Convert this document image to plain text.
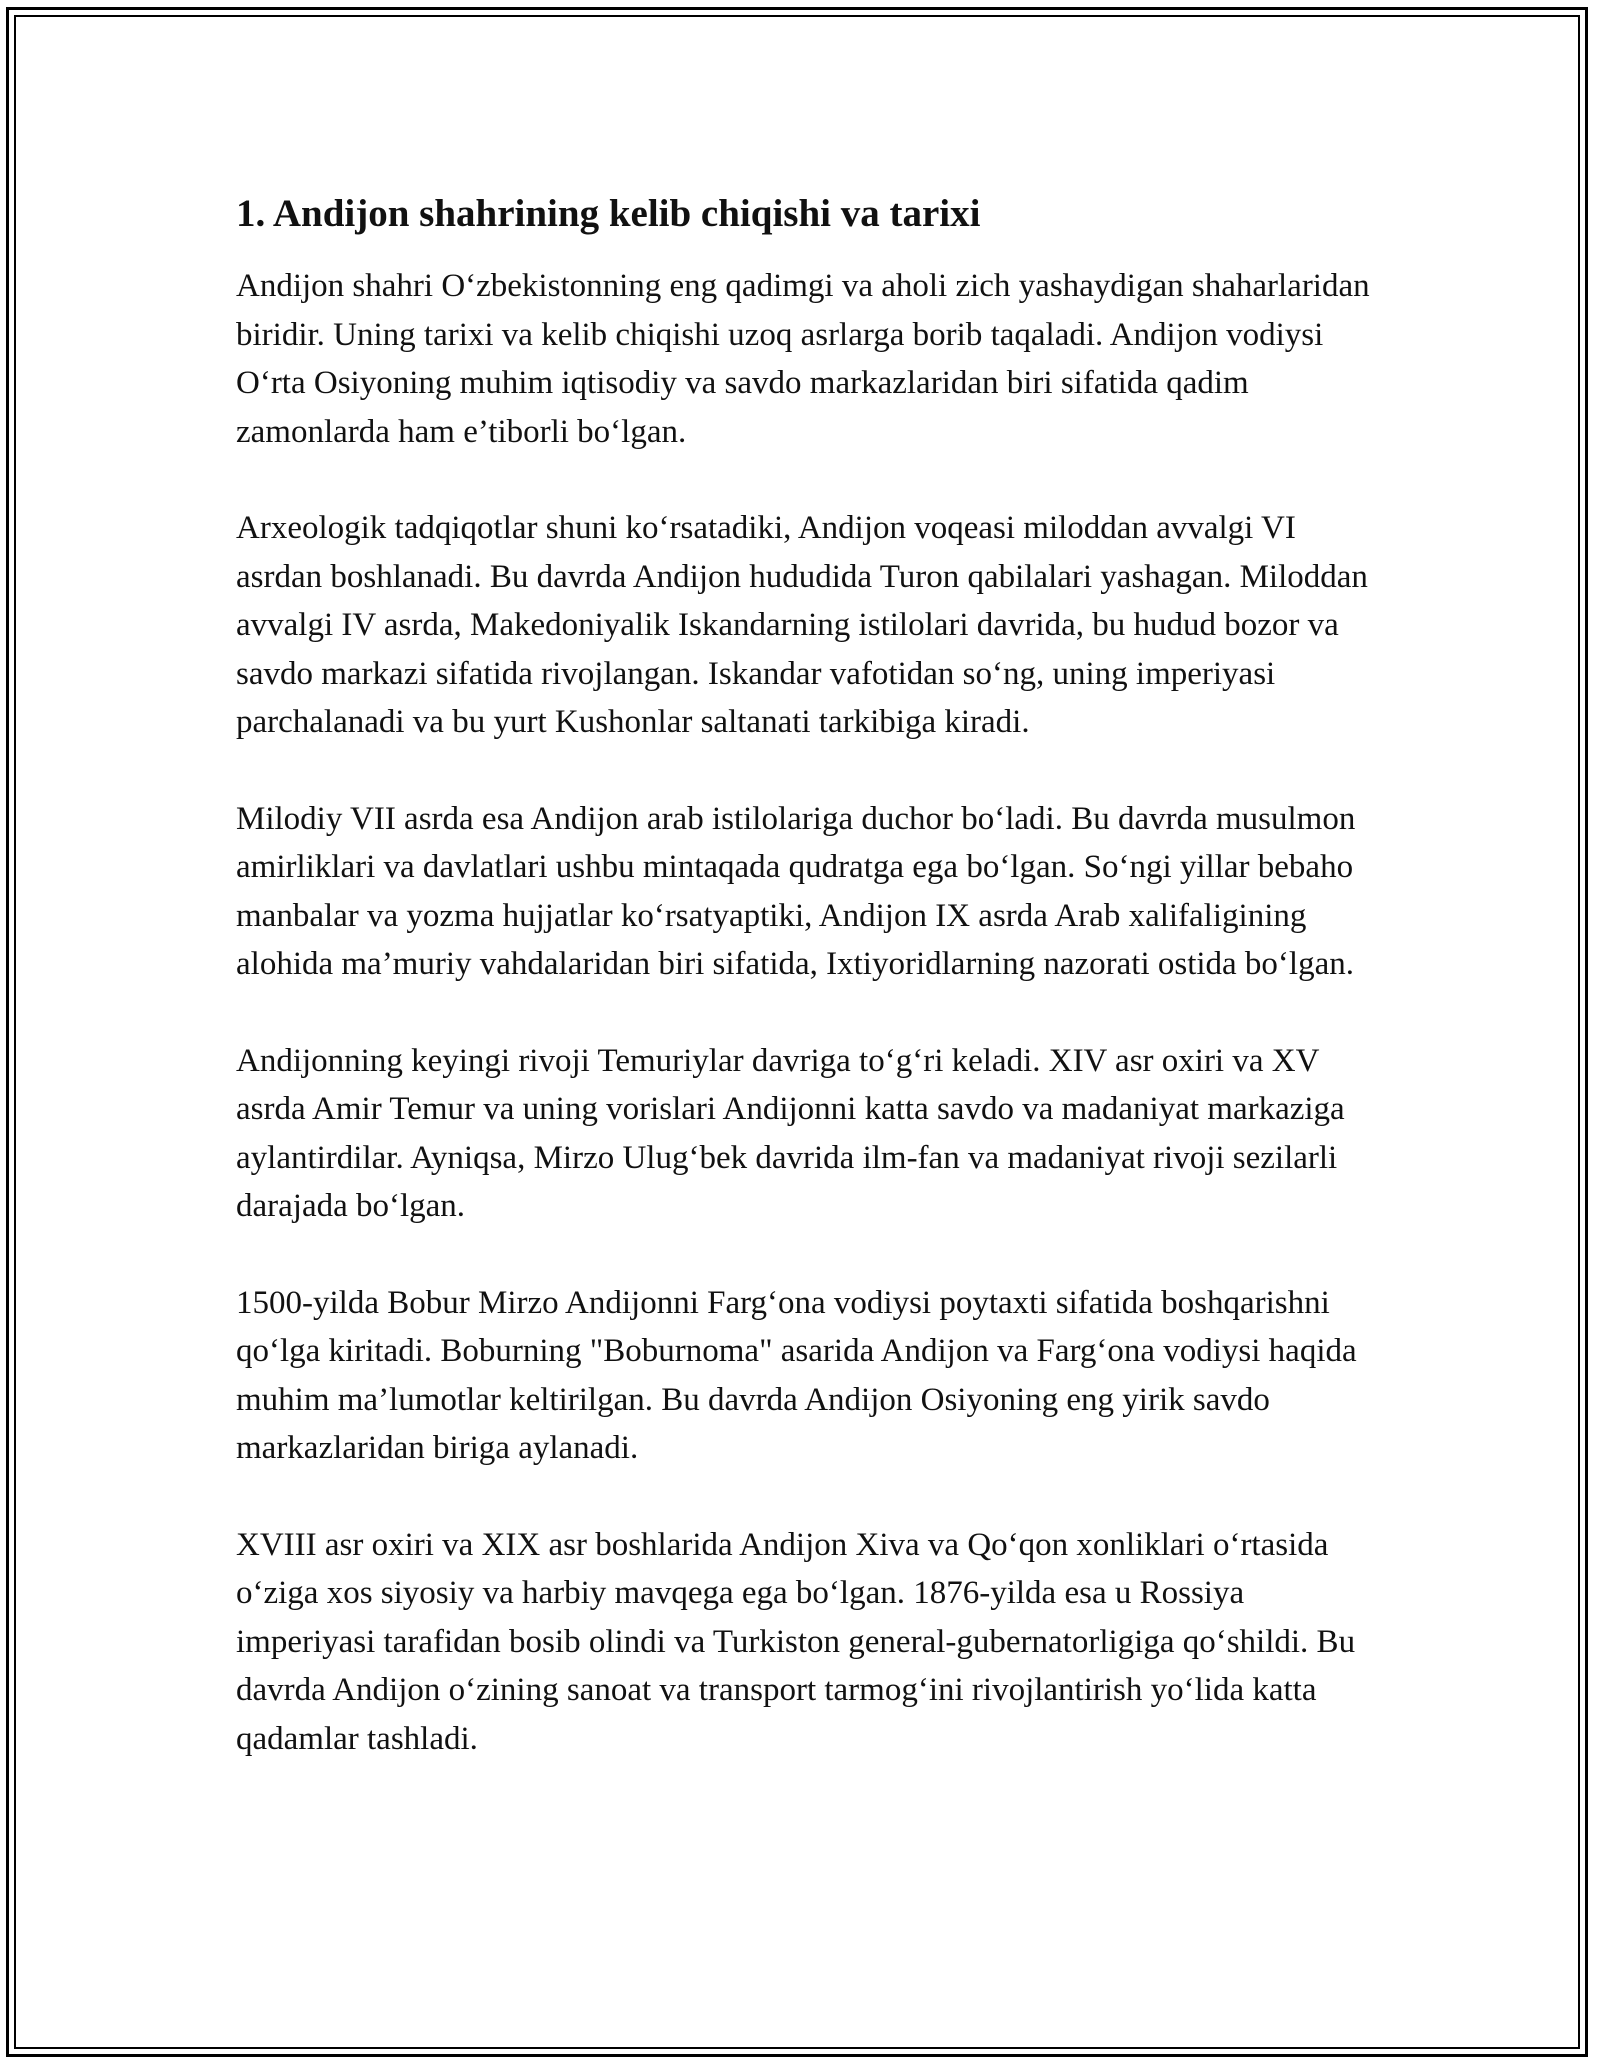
1. Andijon shahrining kelib chiqishi va tarixi

Andijon shahri O‘zbekistonning eng qadimgi va aholi zich yashaydigan shaharlaridan biridir. Uning tarixi va kelib chiqishi uzoq asrlarga borib taqaladi. Andijon vodiysi O‘rta Osiyoning muhim iqtisodiy va savdo markazlaridan biri sifatida qadim zamonlarda ham e’tiborli bo‘lgan.

Arxeologik tadqiqotlar shuni ko‘rsatadiki, Andijon voqeasi miloddan avvalgi VI asrdan boshlanadi. Bu davrda Andijon hududida Turon qabilalari yashagan. Miloddan avvalgi IV asrda, Makedoniyalik Iskandarning istilolari davrida, bu hudud bozor va savdo markazi sifatida rivojlangan. Iskandar vafotidan so‘ng, uning imperiyasi parchalanadi va bu yurt Kushonlar saltanati tarkibiga kiradi.

Milodiy VII asrda esa Andijon arab istilolariga duchor bo‘ladi. Bu davrda musulmon amirliklari va davlatlari ushbu mintaqada qudratga ega bo‘lgan. So‘ngi yillar bebaho manbalar va yozma hujjatlar ko‘rsatyaptiki, Andijon IX asrda Arab xalifaligining alohida ma’muriy vahdalaridan biri sifatida, Ixtiyoridlarning nazorati ostida bo‘lgan.

Andijonning keyingi rivoji Temuriylar davriga to‘g‘ri keladi. XIV asr oxiri va XV asrda Amir Temur va uning vorislari Andijonni katta savdo va madaniyat markaziga aylantirdilar. Ayniqsa, Mirzo Ulug‘bek davrida ilm-fan va madaniyat rivoji sezilarli darajada bo‘lgan.

1500-yilda Bobur Mirzo Andijonni Farg‘ona vodiysi poytaxti sifatida boshqarishni qo‘lga kiritadi. Boburning "Boburnoma" asarida Andijon va Farg‘ona vodiysi haqida muhim ma’lumotlar keltirilgan. Bu davrda Andijon Osiyoning eng yirik savdo markazlaridan biriga aylanadi.

XVIII asr oxiri va XIX asr boshlarida Andijon Xiva va Qo‘qon xonliklari o‘rtasida o‘ziga xos siyosiy va harbiy mavqega ega bo‘lgan. 1876-yilda esa u Rossiya imperiyasi tarafidan bosib olindi va Turkiston general-gubernatorligiga qo‘shildi. Bu davrda Andijon o‘zining sanoat va transport tarmog‘ini rivojlantirish yo‘lida katta qadamlar tashladi.
